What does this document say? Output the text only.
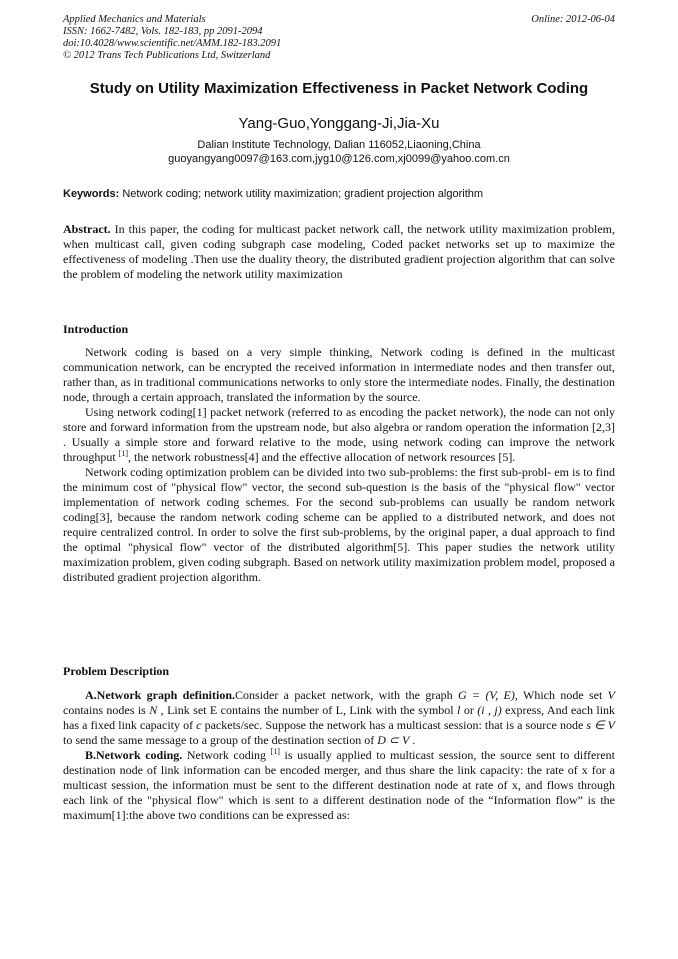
Applied Mechanics and Materials
ISSN: 1662-7482, Vols. 182-183, pp 2091-2094
doi:10.4028/www.scientific.net/AMM.182-183.2091
© 2012 Trans Tech Publications Ltd, Switzerland
Online: 2012-06-04
Study on Utility Maximization Effectiveness in Packet Network Coding
Yang-Guo,Yonggang-Ji,Jia-Xu
Dalian Institute Technology, Dalian 116052,Liaoning,China
guoyangyang0097@163.com,jyg10@126.com,xj0099@yahoo.com.cn
Keywords: Network coding; network utility maximization; gradient projection algorithm
Abstract. In this paper, the coding for multicast packet network call, the network utility maximization problem, when multicast call, given coding subgraph case modeling, Coded packet networks set up to maximize the effectiveness of modeling .Then use the duality theory, the distributed gradient projection algorithm that can solve the problem of modeling the network utility maximization
Introduction

Network coding is based on a very simple thinking, Network coding is defined in the multicast communication network, can be encrypted the received information in intermediate nodes and then transfer out, rather than, as in traditional communications networks to only store the intermediate nodes. Finally, the destination node, through a certain approach, translated the information by the source.

Using network coding[1] packet network (referred to as encoding the packet network), the node can not only store and forward information from the upstream node, but also algebra or random operation the information [2,3] . Usually a simple store and forward relative to the mode, using network coding can improve the network throughput [1], the network robustness[4] and the effective allocation of network resources [5].

Network coding optimization problem can be divided into two sub-problems: the first sub-probl- em is to find the minimum cost of "physical flow" vector, the second sub-question is the basis of the "physical flow" vector implementation of network coding schemes. For the second sub-problems can usually be random network coding[3], because the random network coding scheme can be applied to a distributed network, and does not require centralized control. In order to solve the first sub-problems, by the original paper, a dual approach to find the optimal "physical flow" vector of the distributed algorithm[5]. This paper studies the network utility maximization problem, given coding subgraph. Based on network utility maximization problem model, proposed a distributed gradient projection algorithm.

Problem Description

A.Network graph definition.Consider a packet network, with the graph G = (V, E), Which node set V contains nodes is N , Link set E contains the number of L, Link with the symbol l or (i , j) express, And each link has a fixed link capacity of c packets/sec. Suppose the network has a multicast session: that is a source node s ∈ V to send the same message to a group of the destination section of D ⊂ V .

B.Network coding. Network coding [1] is usually applied to multicast session, the source sent to different destination node of link information can be encoded merger, and thus share the link capacity: the rate of x for a multicast session, the information must be sent to the different destination node at rate of x, and flows through each link of the "physical flow" which is sent to a different destination node of the “Information flow” is the maximum[1]:the above two conditions can be expressed as:
